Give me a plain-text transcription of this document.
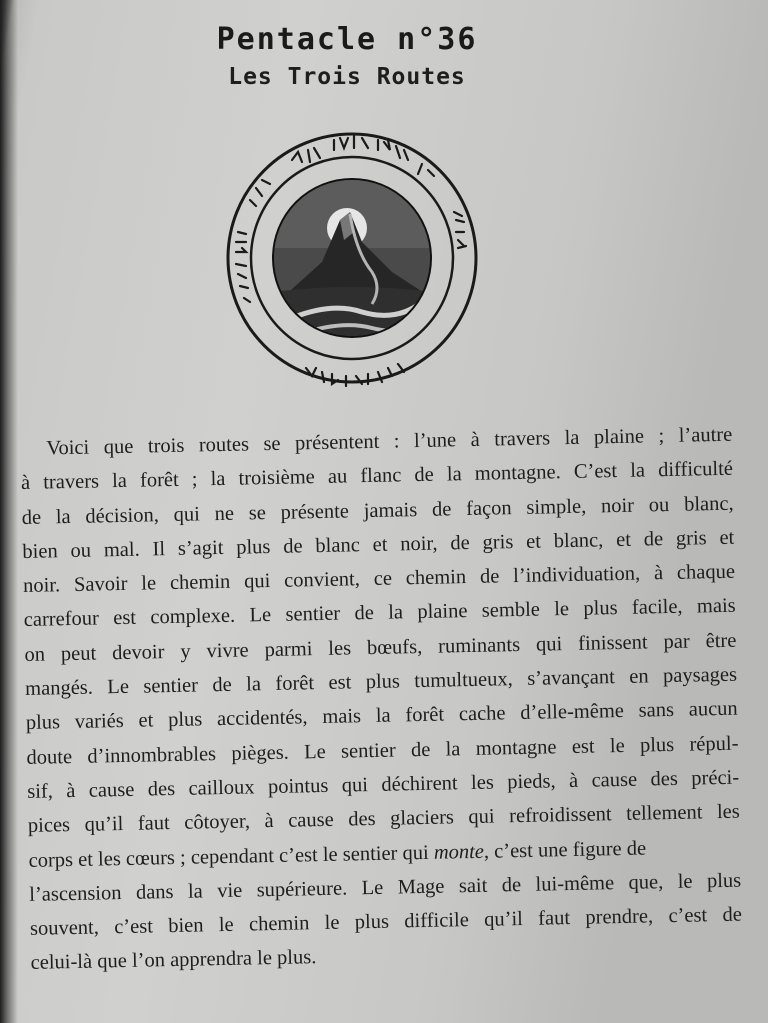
Pentacle n°36
Les Trois Routes
Voici que trois routes se présentent : l’une à travers la plaine ; l’autre
à travers la forêt ; la troisième au flanc de la montagne. C’est la difficulté
de la décision, qui ne se présente jamais de façon simple, noir ou blanc,
bien ou mal. Il s’agit plus de blanc et noir, de gris et blanc, et de gris et
noir. Savoir le chemin qui convient, ce chemin de l’individuation, à chaque
carrefour est complexe. Le sentier de la plaine semble le plus facile, mais
on peut devoir y vivre parmi les bœufs, ruminants qui finissent par être
mangés. Le sentier de la forêt est plus tumultueux, s’avançant en paysages
plus variés et plus accidentés, mais la forêt cache d’elle-même sans aucun
doute d’innombrables pièges. Le sentier de la montagne est le plus répul-
sif, à cause des cailloux pointus qui déchirent les pieds, à cause des préci-
pices qu’il faut côtoyer, à cause des glaciers qui refroidissent tellement les
corps et les cœurs ; cependant c’est le sentier qui monte, c’est une figure de
l’ascension dans la vie supérieure. Le Mage sait de lui-même que, le plus
souvent, c’est bien le chemin le plus difficile qu’il faut prendre, c’est de
celui-là que l’on apprendra le plus.
